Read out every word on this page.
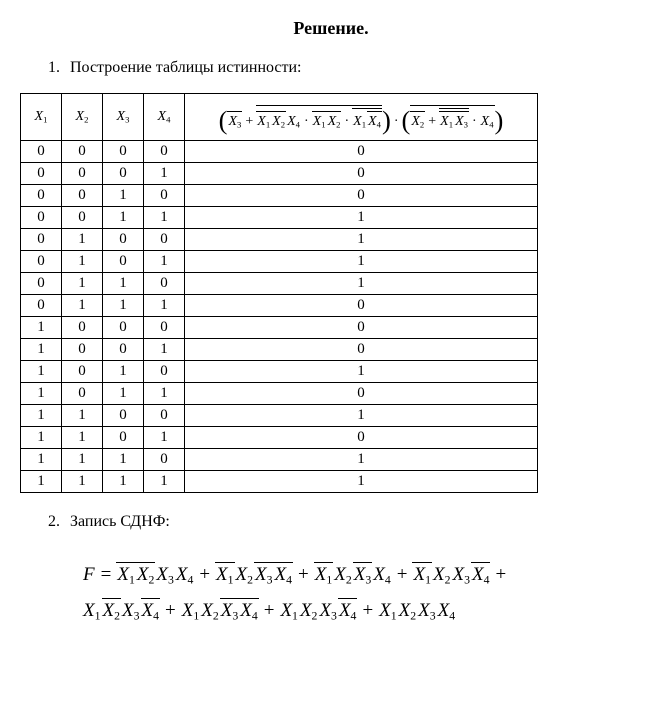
Решение.
1. Построение таблицы истинности:
$X_1$	$X_2$	$X_3$	$X_4$	($X_3 + X_1$ $X_2$ $X_4 \cdot X_1$ $X_2 \cdot X_1$ $X_4) \cdot (X_2 + X_1$ $X_3 \cdot X_4$)
0	0	0	0	0
0	0	0	1	0
0	0	1	0	0
0	0	1	1	1
0	1	0	0	1
0	1	0	1	1
0	1	1	0	1
0	1	1	1	0
1	0	0	0	0
1	0	0	1	0
1	0	1	0	1
1	0	1	1	0
1	1	0	0	1
1	1	0	1	0
1	1	1	0	1
1	1	1	1	1
2. Запись СДНФ:
$F = X_1$ $X_2$ $X_3$ $X_4 + X_1$ $X_2$ $X_3$ $X_4 + X_1$ $X_2$ $X_3$ $X_4 + X_1$ $X_2$ $X_3$ $X_4$ +
$X_1$ $X_2$ $X_3$ $X_4 + X_1$ $X_2$ $X_3$ $X_4 + X_1$ $X_2$ $X_3$ $X_4 + X_1$ $X_2$ $X_3$ $X_4$
